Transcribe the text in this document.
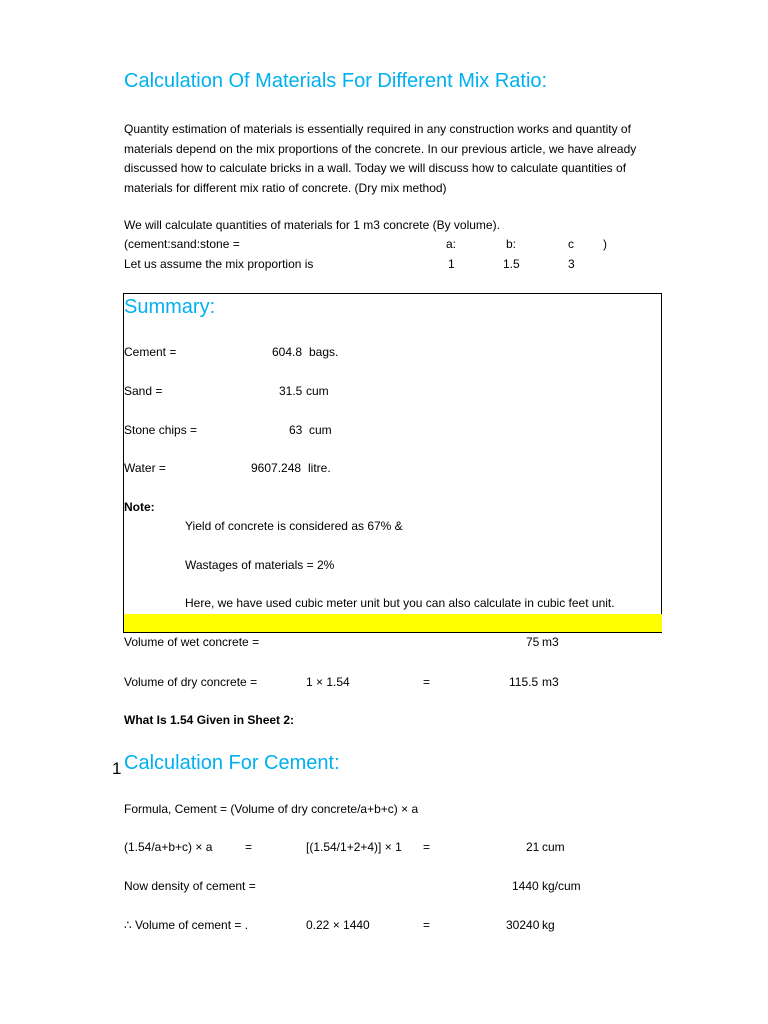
Calculation Of Materials For Different Mix Ratio:
Quantity estimation of materials is essentially required in any construction works and quantity of
materials depend on the mix proportions of the concrete. In our previous article, we have already
discussed how to calculate bricks in a wall. Today we will discuss how to calculate quantities of
materials for different mix ratio of concrete. (Dry mix method)
We will calculate quantities of materials for 1 m3 concrete (By volume).
(cement:sand:stone =	a:	b:	c )
Let us assume the mix proportion is	1	1.5	3
Summary:
Cement =	604.8 bags.
Sand =	31.5 cum
Stone chips =	63 cum
Water =	9607.248 litre.
Note:
Yield of concrete is considered as 67% &
Wastages of materials = 2%
Here, we have used cubic meter unit but you can also calculate in cubic feet unit.
Volume of wet concrete =	75 m3
Volume of dry concrete =	1 × 1.54	=	115.5 m3
What Is 1.54 Given in Sheet 2:
1 Calculation For Cement:
Formula, Cement = (Volume of dry concrete/a+b+c) × a
(1.54/a+b+c) × a	=	[(1.54/1+2+4)] × 1 =	21 cum
Now density of cement =	1440 kg/cum
∴ Volume of cement = .	0.22 × 1440	=	30240 kg
